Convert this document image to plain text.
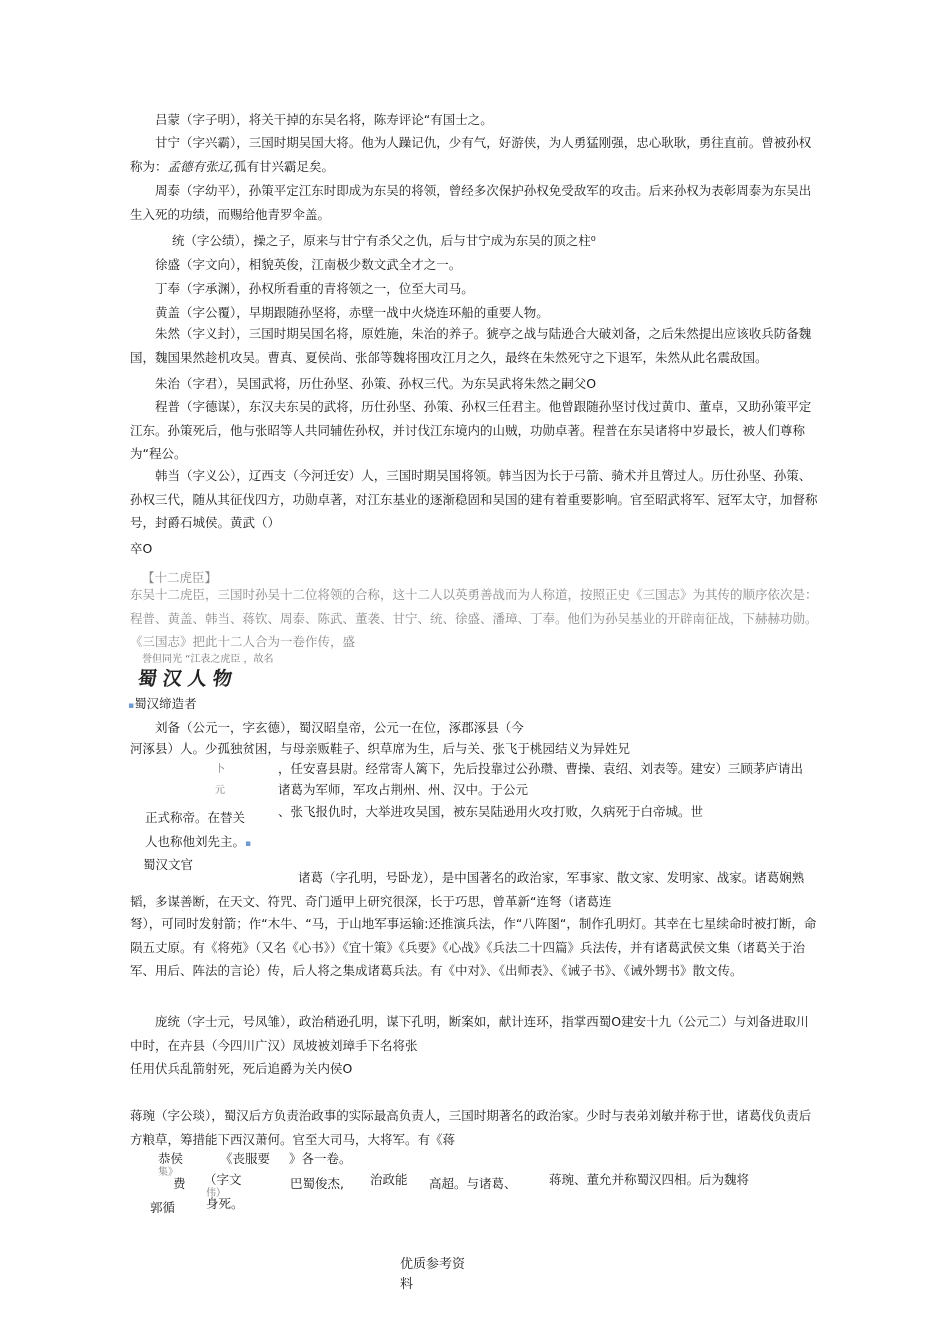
吕蒙（字子明），将关干掉的东吴名将，陈寿评论“有国士之。
甘宁（字兴霸），三国时期吴国大将。他为人躁记仇，少有气，好游侠，为人勇猛刚强，忠心耿耿，勇往直前。曾被孙权称为：孟德有张辽,孤有甘兴霸足矣。
周泰（字幼平），孙策平定江东时即成为东吴的将领，曾经多次保护孙权免受敌军的攻击。后来孙权为表彰周泰为东吴出生入死的功绩，而赐给他青罗伞盖。
统（字公绩），操之子，原来与甘宁有杀父之仇，后与甘宁成为东吴的顶之柱⁰
徐盛（字文向），相貌英俊，江南极少数文武全才之一。
丁奉（字承渊），孙权所看重的青将领之一，位至大司马。
黄盖（字公覆），早期跟随孙坚将，赤壁一战中火烧连环船的重要人物。
朱然（字义封），三国时期吴国名将，原姓施，朱治的养子。猇亭之战与陆逊合大破刘备，之后朱然提出应该收兵防备魏国，魏国果然趁机攻吴。曹真、夏侯尚、张郃等魏将围攻江月之久，最终在朱然死守之下退军，朱然从此名震敌国。
朱治（字君），吴国武将，历仕孙坚、孙策、孙权三代。为东吴武将朱然之嗣父O
程普（字德谋），东汉夫东吴的武将，历仕孙坚、孙策、孙权三任君主。他曾跟随孙坚讨伐过黄巾、董卓，又助孙策平定江东。孙策死后，他与张昭等人共同辅佐孙权，并讨伐江东境内的山贼，功勋卓著。程普在东吴诸将中岁最长，被人们尊称为“程公。
韩当（字义公），辽西支（今河迁安）人，三国时期吴国将领。韩当因为长于弓箭、骑术并且膂过人。历仕孙坚、孙策、孙权三代，随从其征伐四方，功勋卓著，对江东基业的逐渐稳固和吴国的建有着重要影响。官至昭武将军、冠军太守，加督称号，封爵石城侯。黄武（）
卒O
【十二虎臣】
东吴十二虎臣，三国时孙吴十二位将领的合称，这十二人以英勇善战而为人称道，按照正史《三国志》为其传的顺序依次是：程普、黄盖、韩当、蒋钦、周泰、陈武、董袭、甘宁、统、徐盛、潘璋、丁奉。他们为孙吴基业的开辟南征战，下赫赫功勋。《三国志》把此十二人合为一卷作传，盛
誉但同光 “江表之虎臣 ，故名
蜀汉人物
▪蜀汉缔造者
刘备（公元一，字玄德），蜀汉昭皇帝，公元一在位，涿郡涿县（今
河涿县）人。少孤独贫困，与母亲贩鞋子、织草席为生，后与关、张飞于桃园结义为异姓兄
卜	，任安喜县尉。经常寄人篱下，先后投靠过公孙瓒、曹操、袁绍、刘表等。建安）三顾茅庐请出
元	诸葛为军师，军攻占荆州、州、汉中。于公元
、张飞报仇时，大举进攻吴国，被东吴陆逊用火攻打败，久病死于白帝城。世
正式称帝。在替关
人也称他刘先主。▪
蜀汉文官
诸葛（字孔明，号卧龙），是中国著名的政治家，军事家、散文家、发明家、战家。诸葛娴熟韬，多谋善断，在天文、符咒、奇门遁甲上研究很深，长于巧思，曾革新“连弩（诸葛连
弩），可同时发射箭；作“木牛、“马，于山地军事运输:还推演兵法，作“八阵图“，制作孔明灯。其幸在七星续命时被打断，命陨五丈原。有《将苑》（又名《心书》）《宜十策》《兵要》《心战》《兵法二十四篇》兵法传，并有诸葛武侯文集（诸葛关于治军、用后、阵法的言论）传，后人将之集成诸葛兵法。有《中对》、《出师表》、《诫子书》、《诫外甥书》散文传。
庞统（字士元，号凤雏），政治稍逊孔明，谋下孔明，断案如，献计连环，指掌西蜀O建安十九（公元二）与刘备进取川中时，在卉县（今四川广汉）凤坡被刘璋手下名将张
任用伏兵乱箭射死，死后追爵为关内侯O
蒋琬（字公琰），蜀汉后方负责治政事的实际最高负责人，三国时期著名的政治家。少时与表弟刘敏并称于世，诸葛伐负责后方粮草，筹措能下西汉萧何。官至大司马，大将军。有《蒋
恭侯
集》
《丧服要 》各一卷。
费 （字文
伟）
巴蜀俊杰, 治政能 高超。与诸葛、	蒋琬、董允并称蜀汉四相。后为魏将
郭循 身死。
优质参考资
料
